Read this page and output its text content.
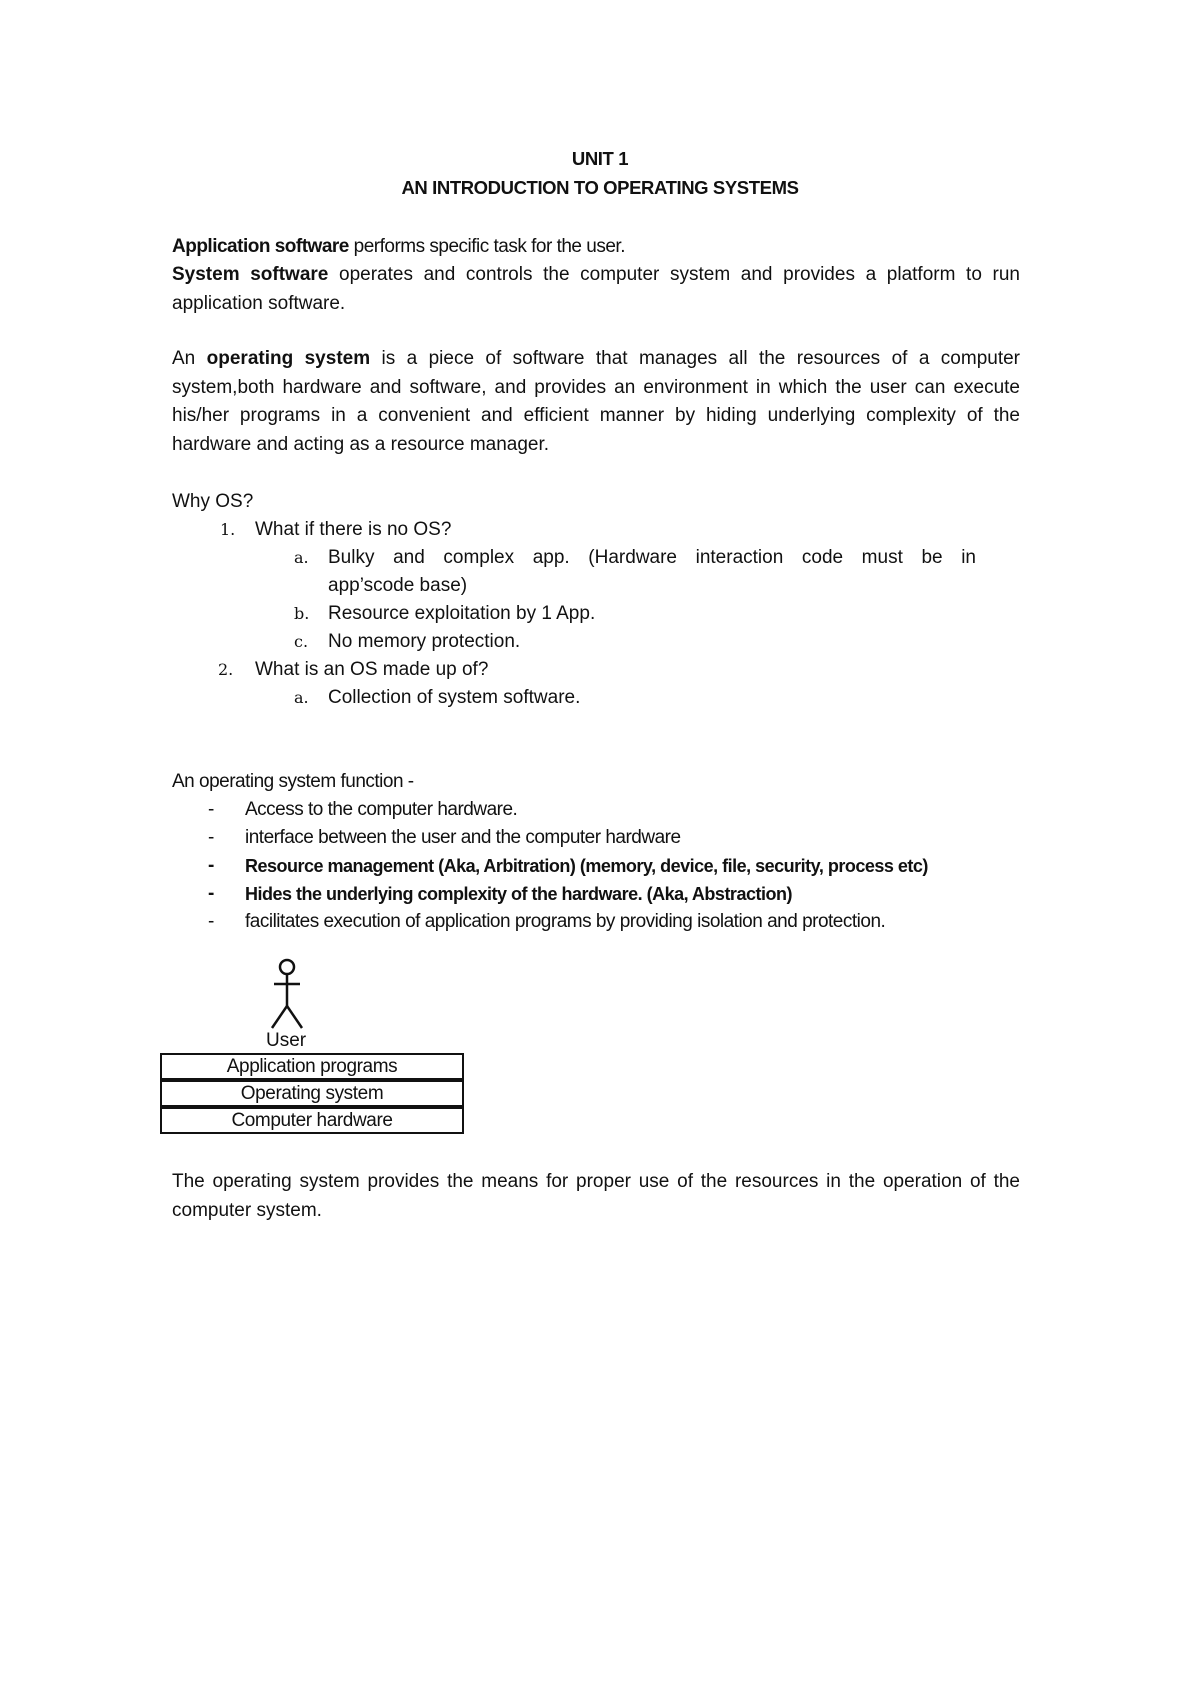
UNIT 1
AN INTRODUCTION TO OPERATING SYSTEMS
Application software performs specific task for the user.
System software operates and controls the computer system and provides a platform to run application software.
An operating system is a piece of software that manages all the resources of a computer system,both hardware and software, and provides an environment in which the user can execute his/her programs in a convenient and efficient manner by hiding underlying complexity of the hardware and acting as a resource manager.
Why OS?
1. What if there is no OS?
a. Bulky and complex app. (Hardware interaction code must be in
app’scode base)
b. Resource exploitation by 1 App.
c. No memory protection.
2. What is an OS made up of?
a. Collection of system software.
An operating system function -
- Access to the computer hardware.
- interface between the user and the computer hardware
- Resource management (Aka, Arbitration) (memory, device, file, security, process etc)
- Hides the underlying complexity of the hardware. (Aka, Abstraction)
- facilitates execution of application programs by providing isolation and protection.
User
Application programs
Operating system
Computer hardware
The operating system provides the means for proper use of the resources in the operation of the computer system.
